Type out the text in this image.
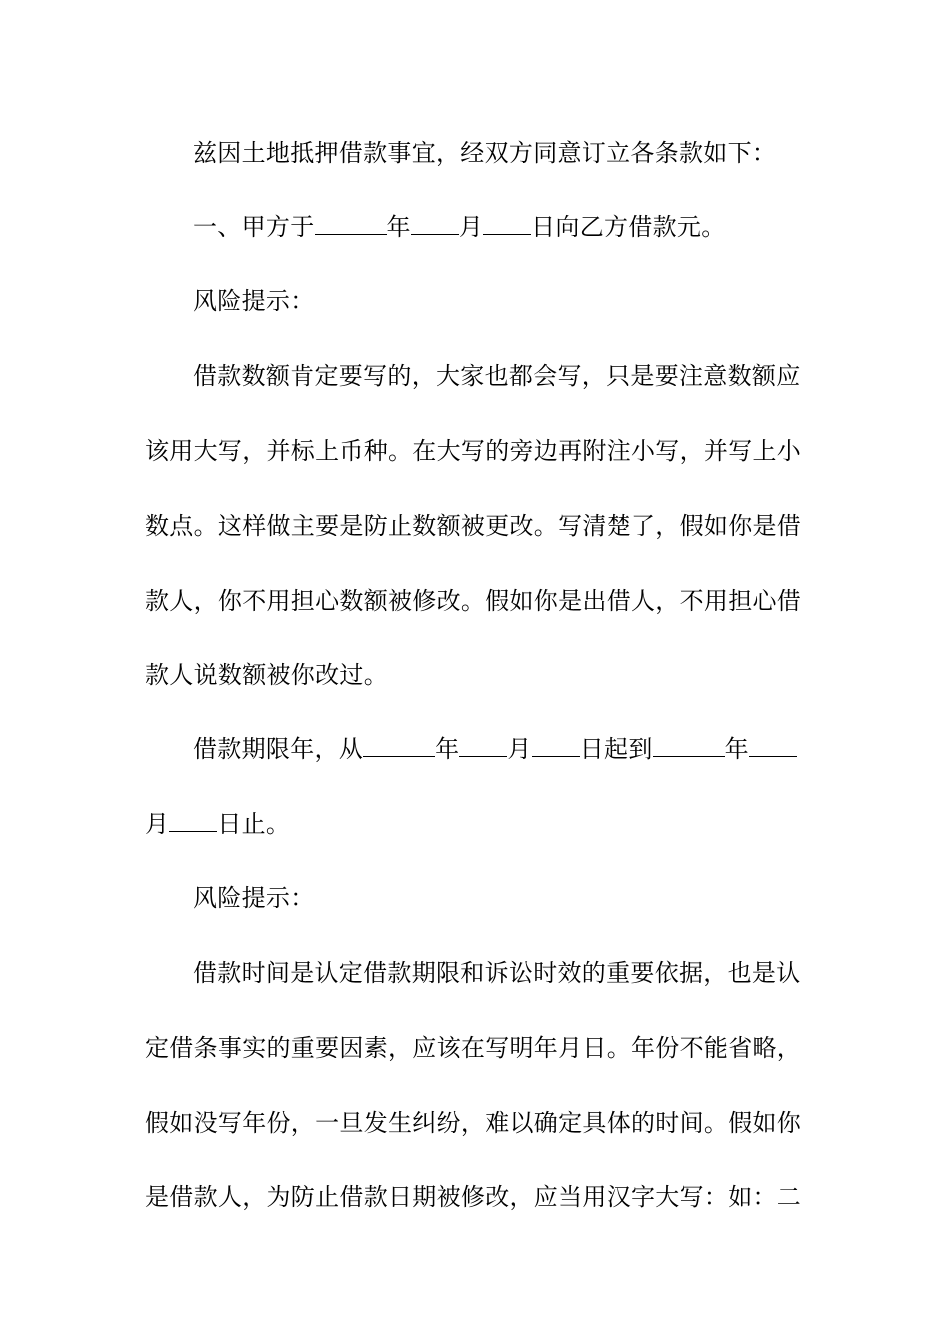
兹因土地抵押借款事宜，经双方同意订立各条款如下：
一、甲方于	年 月 日向乙方借款元。
风险提示：
借款数额肯定要写的，大家也都会写，只是要注意数额应
该用大写，并标上币种。在大写的旁边再附注小写，并写上小
数点。这样做主要是防止数额被更改。写清楚了，假如你是借
款人，你不用担心数额被修改。假如你是出借人，不用担心借
款人说数额被你改过。
借款期限年，从	年 月 日起到	年
月 日止。
风险提示：
借款时间是认定借款期限和诉讼时效的重要依据，也是认
定借条事实的重要因素，应该在写明年月日。年份不能省略，
假如没写年份，一旦发生纠纷，难以确定具体的时间。假如你
是借款人，为防止借款日期被修改，应当用汉字大写：如：二
